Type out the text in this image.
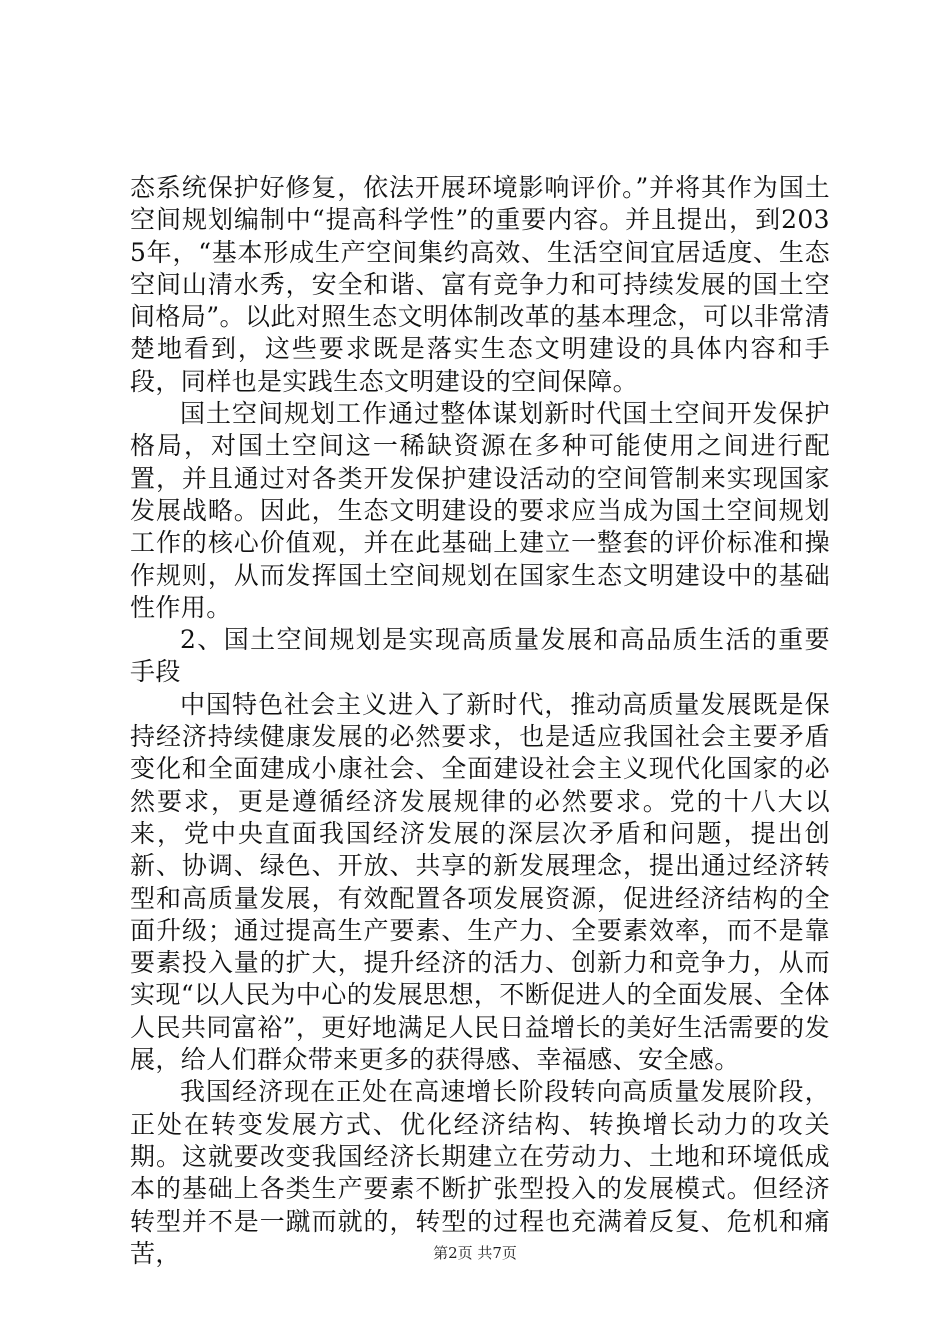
态系统保护好修复，依法开展环境影响评价。”并将其作为国土空间规划编制中“提高科学性”的重要内容。并且提出，到2035年，“基本形成生产空间集约高效、生活空间宜居适度、生态空间山清水秀，安全和谐、富有竞争力和可持续发展的国土空间格局”。以此对照生态文明体制改革的基本理念，可以非常清楚地看到，这些要求既是落实生态文明建设的具体内容和手段，同样也是实践生态文明建设的空间保障。

国土空间规划工作通过整体谋划新时代国土空间开发保护格局，对国土空间这一稀缺资源在多种可能使用之间进行配置，并且通过对各类开发保护建设活动的空间管制来实现国家发展战略。因此，生态文明建设的要求应当成为国土空间规划工作的核心价值观，并在此基础上建立一整套的评价标准和操作规则，从而发挥国土空间规划在国家生态文明建设中的基础性作用。

2、国土空间规划是实现高质量发展和高品质生活的重要手段

中国特色社会主义进入了新时代，推动高质量发展既是保持经济持续健康发展的必然要求，也是适应我国社会主要矛盾变化和全面建成小康社会、全面建设社会主义现代化国家的必然要求，更是遵循经济发展规律的必然要求。党的十八大以来，党中央直面我国经济发展的深层次矛盾和问题，提出创新、协调、绿色、开放、共享的新发展理念，提出通过经济转型和高质量发展，有效配置各项发展资源，促进经济结构的全面升级；通过提高生产要素、生产力、全要素效率，而不是靠要素投入量的扩大，提升经济的活力、创新力和竞争力，从而实现“以人民为中心的发展思想，不断促进人的全面发展、全体人民共同富裕”，更好地满足人民日益增长的美好生活需要的发展，给人们群众带来更多的获得感、幸福感、安全感。

我国经济现在正处在高速增长阶段转向高质量发展阶段，正处在转变发展方式、优化经济结构、转换增长动力的攻关期。这就要改变我国经济长期建立在劳动力、土地和环境低成本的基础上各类生产要素不断扩张型投入的发展模式。但经济转型并不是一蹴而就的，转型的过程也充满着反复、危机和痛苦，	第2页 共7页
